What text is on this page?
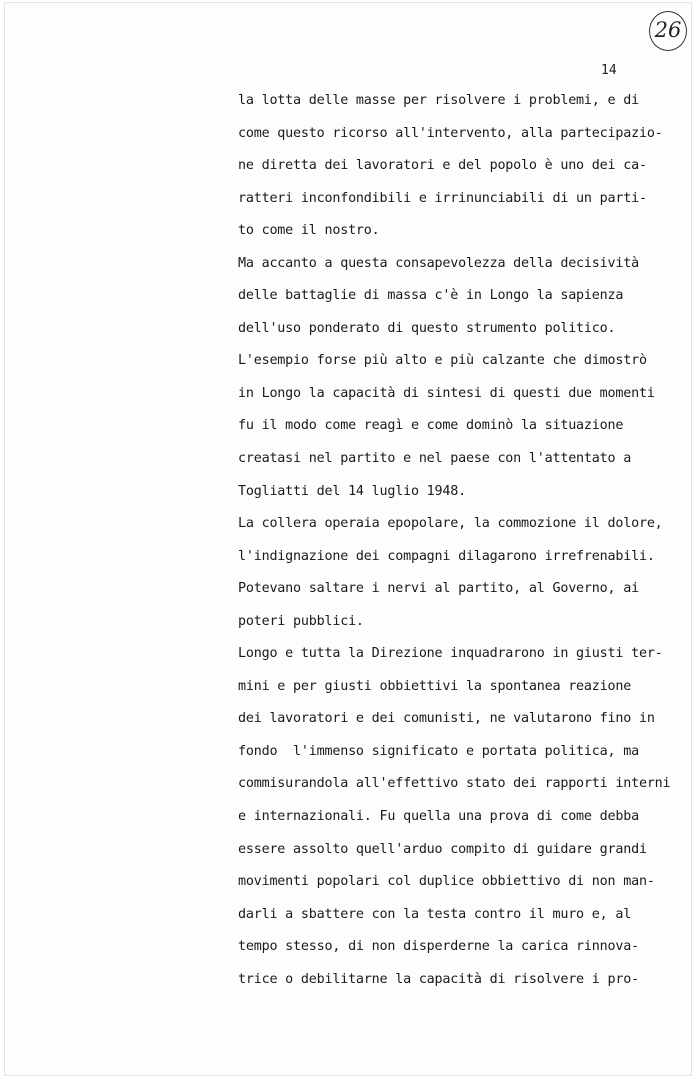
26
14
la lotta delle masse per risolvere i problemi, e di
come questo ricorso all'intervento, alla partecipazio-
ne diretta dei lavoratori e del popolo è uno dei ca-
ratteri inconfondibili e irrinunciabili di un parti-
to come il nostro.
Ma accanto a questa consapevolezza della decisività
delle battaglie di massa c'è in Longo la sapienza
dell'uso ponderato di questo strumento politico.
L'esempio forse più alto e più calzante che dimostrò
in Longo la capacità di sintesi di questi due momenti
fu il modo come reagì e come dominò la situazione
creatasi nel partito e nel paese con l'attentato a
Togliatti del 14 luglio 1948.
La collera operaia epopolare, la commozione il dolore,
l'indignazione dei compagni dilagarono irrefrenabili.
Potevano saltare i nervi al partito, al Governo, ai
poteri pubblici.
Longo e tutta la Direzione inquadrarono in giusti ter-
mini e per giusti obbiettivi la spontanea reazione
dei lavoratori e dei comunisti, ne valutarono fino in
fondo  l'immenso significato e portata politica, ma
commisurandola all'effettivo stato dei rapporti interni
e internazionali. Fu quella una prova di come debba
essere assolto quell'arduo compito di guidare grandi
movimenti popolari col duplice obbiettivo di non man-
darli a sbattere con la testa contro il muro e, al
tempo stesso, di non disperderne la carica rinnova-
trice o debilitarne la capacità di risolvere i pro-
